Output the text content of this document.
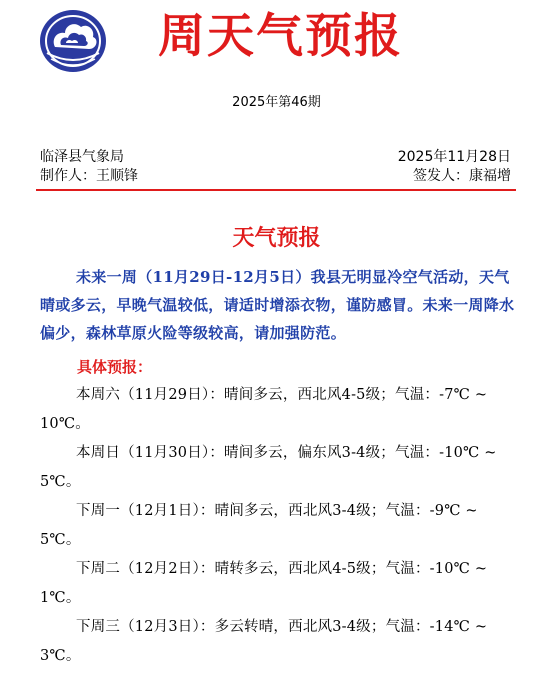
周天气预报
2025年第46期
临泽县气象局
制作人：王顺锋
2025年11月28日
签发人：康福增
天气预报
未来一周（11月29日-12月5日）我县无明显冷空气活动，天气晴或多云，早晚气温较低，请适时增添衣物，谨防感冒。未来一周降水偏少，森林草原火险等级较高，请加强防范。
具体预报：
本周六（11月29日）：晴间多云，西北风4-5级；气温：-7℃ ~ 10℃。
本周日（11月30日）：晴间多云，偏东风3-4级；气温：-10℃ ~ 5℃。
下周一（12月1日）：晴间多云，西北风3-4级；气温：-9℃ ~ 5℃。
下周二（12月2日）：晴转多云，西北风4-5级；气温：-10℃ ~ 1℃。
下周三（12月3日）：多云转晴，西北风3-4级；气温：-14℃ ~ 3℃。
